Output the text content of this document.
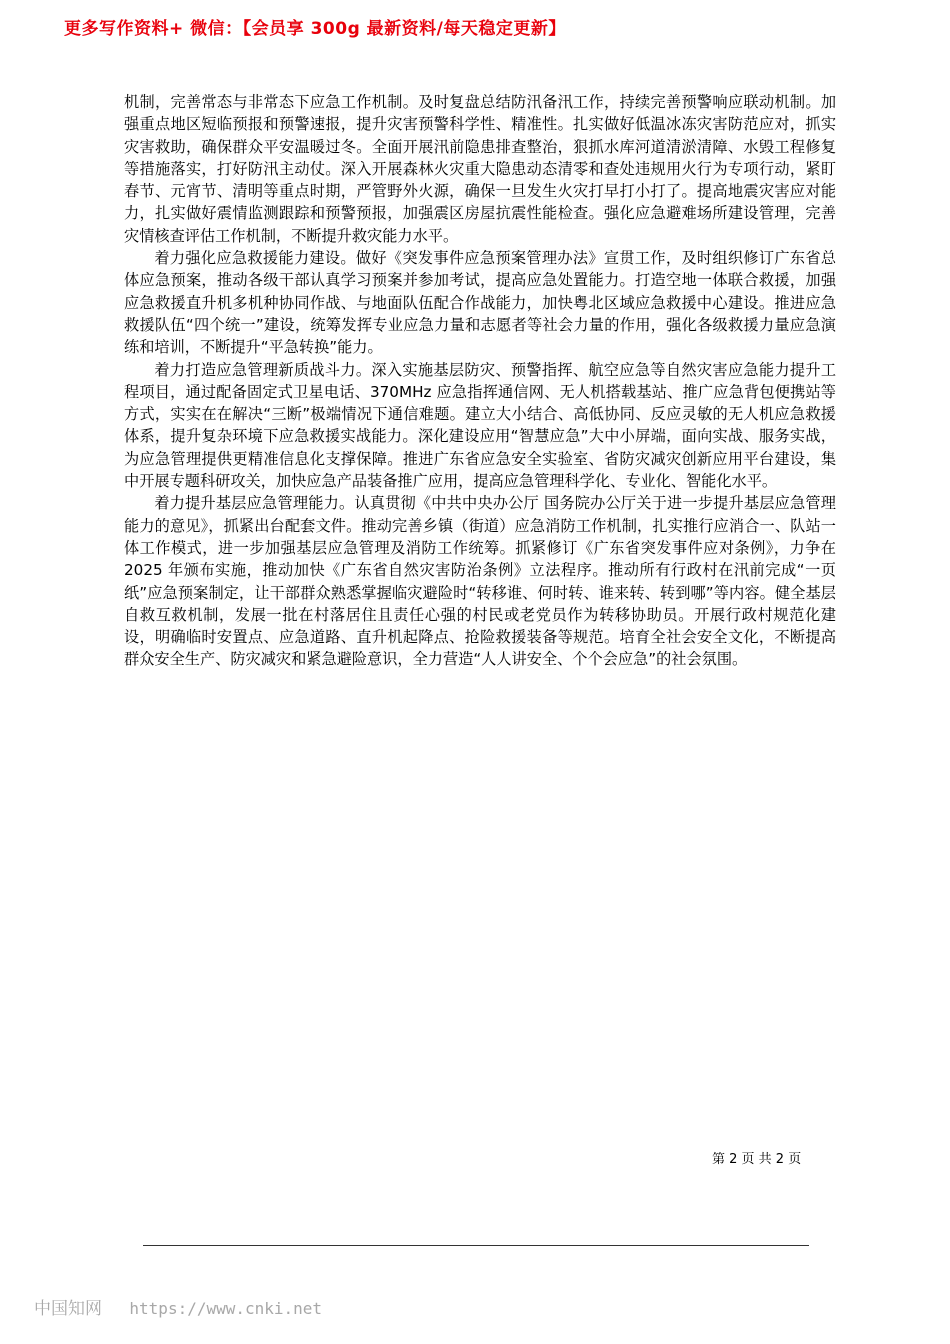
更多写作资料+ 微信：【会员享 300g 最新资料/每天稳定更新】

机制，完善常态与非常态下应急工作机制。及时复盘总结防汛备汛工作，持续完善预警响应联动机制。加强重点地区短临预报和预警速报，提升灾害预警科学性、精准性。扎实做好低温冰冻灾害防范应对，抓实灾害救助，确保群众平安温暖过冬。全面开展汛前隐患排查整治，狠抓水库河道清淤清障、水毁工程修复等措施落实，打好防汛主动仗。深入开展森林火灾重大隐患动态清零和查处违规用火行为专项行动，紧盯春节、元宵节、清明等重点时期，严管野外火源，确保一旦发生火灾打早打小打了。提高地震灾害应对能力，扎实做好震情监测跟踪和预警预报，加强震区房屋抗震性能检查。强化应急避难场所建设管理，完善灾情核查评估工作机制，不断提升救灾能力水平。

着力强化应急救援能力建设。做好《突发事件应急预案管理办法》宣贯工作，及时组织修订广东省总体应急预案，推动各级干部认真学习预案并参加考试，提高应急处置能力。打造空地一体联合救援，加强应急救援直升机多机种协同作战、与地面队伍配合作战能力，加快粤北区域应急救援中心建设。推进应急救援队伍“四个统一”建设，统筹发挥专业应急力量和志愿者等社会力量的作用，强化各级救援力量应急演练和培训，不断提升“平急转换”能力。

着力打造应急管理新质战斗力。深入实施基层防灾、预警指挥、航空应急等自然灾害应急能力提升工程项目，通过配备固定式卫星电话、370MHz 应急指挥通信网、无人机搭载基站、推广应急背包便携站等方式，实实在在解决“三断”极端情况下通信难题。建立大小结合、高低协同、反应灵敏的无人机应急救援体系，提升复杂环境下应急救援实战能力。深化建设应用“智慧应急”大中小屏端，面向实战、服务实战，为应急管理提供更精准信息化支撑保障。推进广东省应急安全实验室、省防灾减灾创新应用平台建设，集中开展专题科研攻关，加快应急产品装备推广应用，提高应急管理科学化、专业化、智能化水平。

着力提升基层应急管理能力。认真贯彻《中共中央办公厅 国务院办公厅关于进一步提升基层应急管理能力的意见》，抓紧出台配套文件。推动完善乡镇（街道）应急消防工作机制，扎实推行应消合一、队站一体工作模式，进一步加强基层应急管理及消防工作统筹。抓紧修订《广东省突发事件应对条例》，力争在 2025 年颁布实施，推动加快《广东省自然灾害防治条例》立法程序。推动所有行政村在汛前完成“一页纸”应急预案制定，让干部群众熟悉掌握临灾避险时“转移谁、何时转、谁来转、转到哪”等内容。健全基层自救互救机制，发展一批在村落居住且责任心强的村民或老党员作为转移协助员。开展行政村规范化建设，明确临时安置点、应急道路、直升机起降点、抢险救援装备等规范。培育全社会安全文化，不断提高群众安全生产、防灾减灾和紧急避险意识，全力营造“人人讲安全、个个会应急”的社会氛围。

第 2 页 共 2 页
中国知网 https://www.cnki.net
